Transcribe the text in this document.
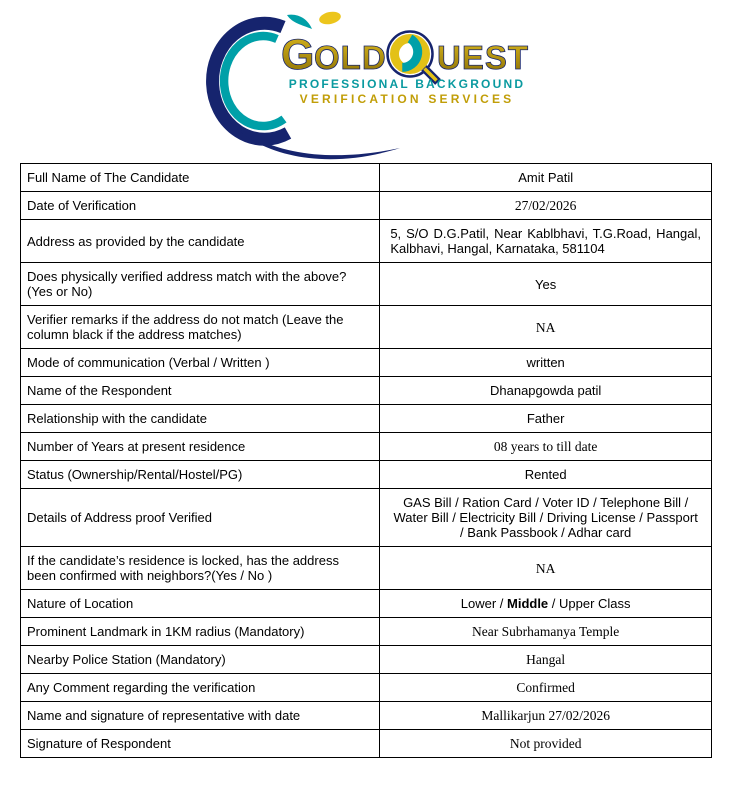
G
OLD UEST
PROFESSIONAL BACKGROUND
VERIFICATION SERVICES
Full Name of The Candidate	Amit Patil
Date of Verification	27/02/2026
Address as provided by the candidate	5, S/O D.G.Patil, Near Kablbhavi, T.G.Road, Hangal, Kalbhavi, Hangal, Karnataka, 581104
Does physically verified address match with the above? (Yes or No)	Yes
Verifier remarks if the address do not match (Leave the column black if the address matches)	NA
Mode of communication (Verbal / Written )	written
Name of the Respondent	Dhanapgowda patil
Relationship with the candidate	Father
Number of Years at present residence	08 years to till date
Status (Ownership/Rental/Hostel/PG)	Rented
Details of Address proof Verified	GAS Bill / Ration Card / Voter ID / Telephone Bill / Water Bill / Electricity Bill / Driving License / Passport / Bank Passbook / Adhar card
If the candidate’s residence is locked, has the address been confirmed with neighbors?(Yes / No )	NA
Nature of Location	Lower / Middle / Upper Class
Prominent Landmark in 1KM radius (Mandatory)	Near Subrhamanya Temple
Nearby Police Station (Mandatory)	Hangal
Any Comment regarding the verification	Confirmed
Name and signature of representative with date	Mallikarjun 27/02/2026
Signature of Respondent	Not provided
